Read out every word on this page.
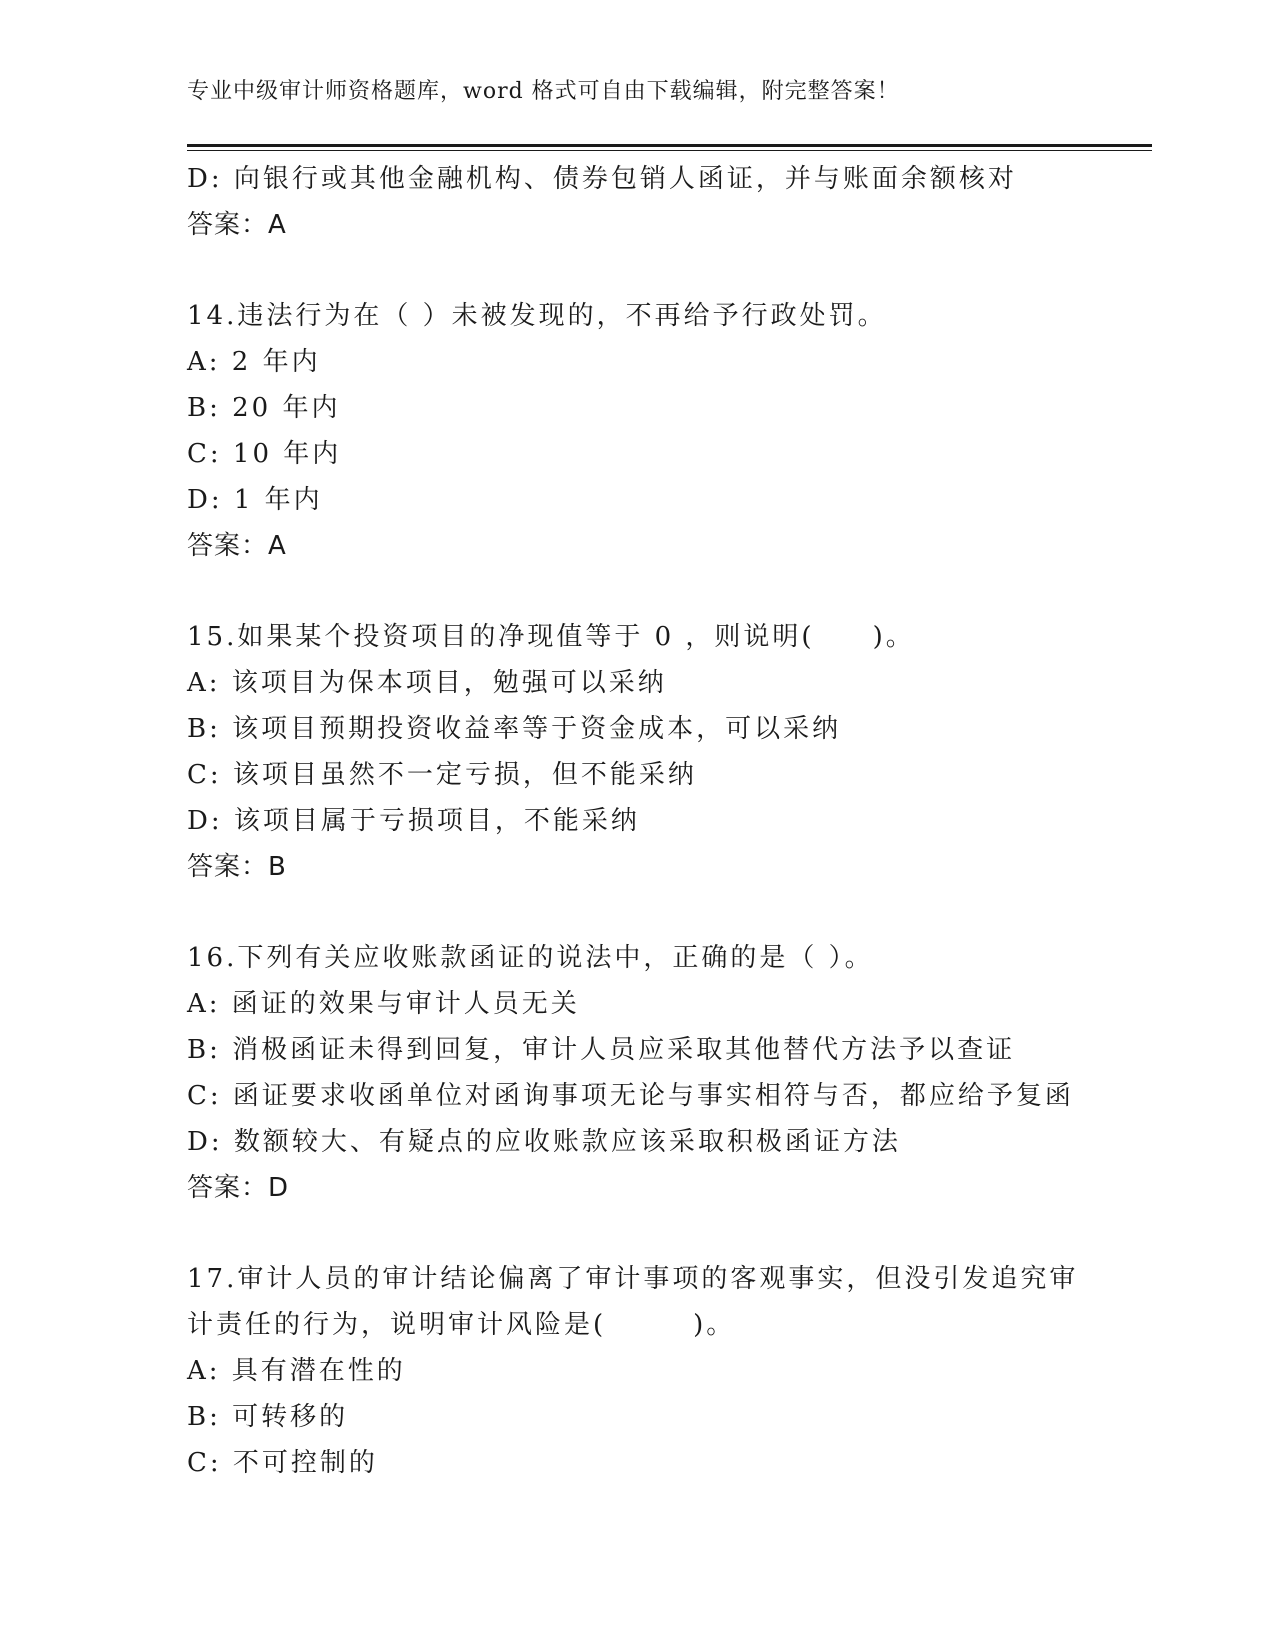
专业中级审计师资格题库，word 格式可自由下载编辑，附完整答案！
D: 向银行或其他金融机构、债券包销人函证，并与账面余额核对
答案：A
14.违法行为在（ ）未被发现的，不再给予行政处罚。
A: 2 年内
B: 20 年内
C: 10 年内
D: 1 年内
答案：A
15.如果某个投资项目的净现值等于 0 ，则说明(　　)。
A: 该项目为保本项目，勉强可以采纳
B: 该项目预期投资收益率等于资金成本，可以采纳
C: 该项目虽然不一定亏损，但不能采纳
D: 该项目属于亏损项目，不能采纳
答案：B
16.下列有关应收账款函证的说法中，正确的是（ ）。
A: 函证的效果与审计人员无关
B: 消极函证未得到回复，审计人员应采取其他替代方法予以查证
C: 函证要求收函单位对函询事项无论与事实相符与否，都应给予复函
D: 数额较大、有疑点的应收账款应该采取积极函证方法
答案：D
17.审计人员的审计结论偏离了审计事项的客观事实，但没引发追究审
计责任的行为，说明审计风险是(　　　)。
A: 具有潜在性的
B: 可转移的
C: 不可控制的
